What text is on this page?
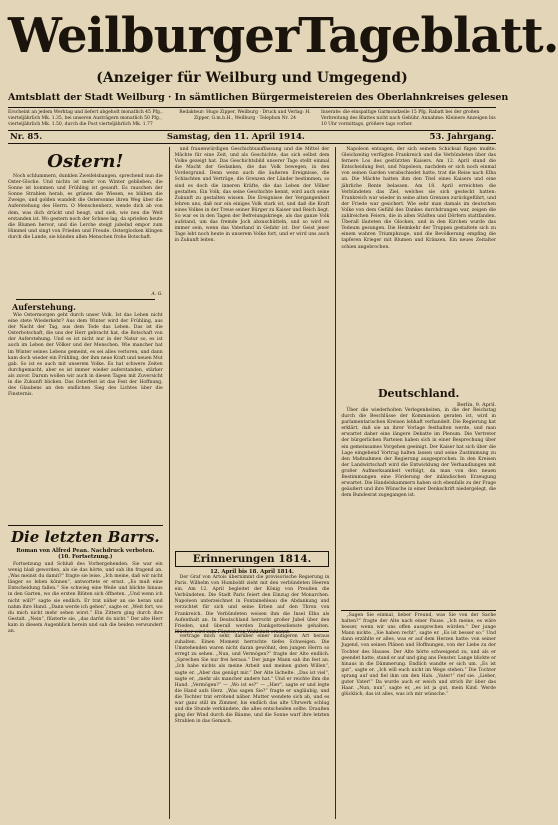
Weilburger Tageblatt.
(Anzeiger für Weilburg und Umgegend)
Amtsblatt der Stadt Weilburg · In sämtlichen Bürgermeistereien des Oberlahnkreises gelesen
Erscheint an jedem Werktag und liefert abgeholt monatlich 45 Pfg., vierteljährlich Mk. 1.35, bei unseren Austrägern monatlich 50 Pfg., vierteljährlich Mk. 1.50, durch die Post vierteljährlich Mk. 1.77
Redakteur: Hugo Zipper, Weilburg · Druck und Verlag: H. Zipper, G.m.b.H., Weilburg · Telephon Nr. 24
Inserate: die einspaltige Garmondzeile 15 Pfg. Rabatt bei der großen Verbreitung des Blattes nicht nach Gebühr. Annahme: Kleinere Anzeigen bis 10 Uhr vormittags, größere tags vorher.
Nr. 85.	Samstag, den 11. April 1914.	53. Jahrgang.
Ostern!

Noch schlummern, dunklen Zweifelsbangen, sprechend nun die Oster-Glocke. Und nichts ist mehr von Winter geblieben, die Sonne ist kommen und Frühling ist gesanft. Es rauschen der Sonne Strahlen herab, es grünen die Wiesen, es blühen die Zweige, und golden wandelt die Ostersonne ihren Weg über die Auferstehung des Herrn. O Menschenherz, wende dich ab von dem, was dich drückt und beugt, und sieh, wie neu die Welt erstanden ist. Wo gestern noch der Schnee lag, da sprießen heute die Blumen hervor, und die Lerche steigt jubelnd empor zum Himmel und singt von Frieden und Freude. Osterglocken klingen durch die Lande, sie künden allen Menschen frohe Botschaft.

A. G.
Auferstehung.

Wie Ostermorgen geht durch unser Volk. Ist das Leben nicht eine stete Wiederkehr? Aus dem Winter wird der Frühling, aus der Nacht der Tag, aus dem Tode das Leben. Das ist die Osterbotschaft, die uns der Herr gebracht hat, die Botschaft von der Auferstehung. Und es ist nicht nur in der Natur so, es ist auch im Leben der Völker und der Menschen. Wie mancher hat im Winter seines Lebens gemeint, es sei alles verloren, und dann kam doch wieder ein Frühling, der ihm neue Kraft und neuen Mut gab. So ist es auch mit unserem Volke. Es hat schwere Zeiten durchgemacht, aber es ist immer wieder auferstanden, stärker als zuvor. Darum wollen wir auch in diesen Tagen mit Zuversicht in die Zukunft blicken. Das Osterfest ist das Fest der Hoffnung, des Glaubens an den endlichen Sieg des Lichtes über die Finsternis.

Die letzten Barrs.
Roman von Alfred Pean. Nachdruck verboten.
(10. Fortsetzung.)

Fortsetzung und Schluß des Vorhergehenden. Sie war ein wenig blaß geworden, als sie das hörte, und sah ihn fragend an. „Was meinst du damit?“ fragte sie leise. „Ich meine, daß wir nicht länger so leben können“, antwortete er ernst. „Es muß eine Entscheidung fallen.“ Sie schwieg eine Weile und blickte hinaus in den Garten, wo die ersten Blüten sich öffneten. „Und wenn ich nicht will?“ sagte sie endlich. Er trat näher an sie heran und nahm ihre Hand. „Dann werde ich gehen“, sagte er. „Weit fort, wo du mich nicht mehr sehen wirst.“ Ein Zittern ging durch ihre Gestalt. „Nein“, flüsterte sie, „das darfst du nicht.“ Der alte Herr kam in diesem Augenblick herein und sah die beiden verwundert an.

und frauenwürdigen Geschichtsauffassung und die Mittel der Mächte für eine Zeit, und als Geschichte, das sich selbst dem Volke gezeigt hat. Das Geschichtsbild unserer Tage stellt einmal die Macht der Gedanken, die das Volk bewegen, in den Vordergrund. Denn wenn auch die äußeren Ereignisse, die Schlachten und Verträge, die Grenzen der Länder bestimmen, so sind es doch die inneren Kräfte, die das Leben der Völker gestalten. Ein Volk, das seine Geschichte kennt, wird auch seine Zukunft zu gestalten wissen. Die Ereignisse der Vergangenheit lehren uns, daß nur ein einiges Volk stark ist, und daß die Kraft eines Volkes in der Treue seiner Bürger zu Kaiser und Reich liegt. So war es in den Tagen der Befreiungskriege, als das ganze Volk aufstand, um das fremde Joch abzuschütteln, und so wird es immer sein, wenn das Vaterland in Gefahr ist. Der Geist jener Tage lebt noch heute in unserem Volke fort, und er wird uns auch in Zukunft leiten.

Erinnerungen 1814.
12. April bis 18. April 1814.

Der Graf von Artois übernimmt die provisorische Regierung in Paris. Wilhelm von Humboldt zieht mit den verbündeten Heeren ein. Am 12. April begleitet der König von Preußen die Verbündeten. Die Stadt Paris feiert den Einzug der Monarchen. Napoleon unterzeichnet in Fontainebleau die Abdankung und verzichtet für sich und seine Erben auf den Thron von Frankreich. Die Verbündeten weisen ihm die Insel Elba als Aufenthalt an. In Deutschland herrscht großer Jubel über den Frieden, und überall werden Dankgottesdienste gehalten. Blücher wird zum Fürsten von Wahlstatt ernannt.

vertrage mich sehr, darüber einer mutigeren Art heraus zuhalten. Einen Moment herrschte tiefes Schweigen. Die Umstehenden waren nicht daran gewöhnt, den jungen Herrn so erregt zu sehen. „Nun, und Vermögen?“ fragte der Alte endlich. „Sprechen Sie nur frei heraus.“ Der junge Mann sah ihn fest an. „Ich habe nichts als meine Arbeit und meinen guten Willen“, sagte er. „Aber das genügt mir.“ Der Alte lächelte. „Das ist viel“, sagte er, „mehr als mancher andere hat.“ Und er reichte ihm die Hand. „Vermögen?“ — „Wo ist es?“ — „Hier“, sagte er und legte die Hand aufs Herz. „Was sagen Sie?“ fragte er ungläubig, und die Tochter trat errötend näher. Mutter wendete sich ab, und es war ganz still im Zimmer, bis endlich das alte Uhrwerk schlug und die Stunde verkündete, die alles entscheiden sollte. Draußen ging der Wind durch die Bäume, und die Sonne warf ihre letzten Strahlen in das Gemach.

Napoleon entsagen, der sich seinem Schicksal fügen mußte. Gleichzeitig verfügten Frankreich und die Verbündeten über das fernere Los des gestürzten Kaisers. Am 12. April stand die Entscheidung fest, und Napoleon, nachdem er sich noch einmal von seinen Garden verabschiedet hatte, trat die Reise nach Elba an. Die Mächte hatten ihm den Titel eines Kaisers und eine jährliche Rente belassen. Am 18. April erreichten die Verbündeten das Ziel, welches sie sich gesteckt hatten: Frankreich war wieder in seine alten Grenzen zurückgeführt, und der Friede war gesichert. Wie sehr man damals im deutschen Volke von dem Gefühl des Dankes durchdrungen war, zeigen die zahlreichen Feiern, die in allen Städten und Dörfern stattfanden. Überall läuteten die Glocken, und in den Kirchen wurde das Tedeum gesungen. Die Heimkehr der Truppen gestaltete sich zu einem wahren Triumphzuge, und die Bevölkerung empfing die tapferen Krieger mit Blumen und Kränzen. Ein neues Zeitalter schien angebrochen.

Deutschland.
Berlin, 9. April.

Über die wiederholten Verlegenheiten, in die der Reichstag durch die Beschlüsse der Kommission geraten ist, wird in parlamentarischen Kreisen lebhaft verhandelt. Die Regierung hat erklärt, daß sie an ihrer Vorlage festhalten werde, und man erwartet daher eine längere Debatte im Plenum. Die Vertreter der bürgerlichen Parteien haben sich in einer Besprechung über ein gemeinsames Vorgehen geeinigt. Der Kaiser hat sich über die Lage eingehend Vortrag halten lassen und seine Zustimmung zu den Maßnahmen der Regierung ausgesprochen. In den Kreisen der Landwirtschaft wird die Entwicklung der Verhandlungen mit großer Aufmerksamkeit verfolgt, da man von den neuen Bestimmungen eine Förderung der inländischen Erzeugung erwartet. Die Handelskammern haben sich ebenfalls zu der Frage geäußert und ihre Wünsche in einer Denkschrift niedergelegt, die dem Bundesrat zugegangen ist.

„Sagen Sie einmal, lieber Freund, was Sie von der Sache halten?“ fragte der Alte nach einer Pause. „Ich meine, es wäre besser, wenn wir uns offen aussprechen würden.“ Der junge Mann nickte. „Sie haben recht“, sagte er. „Es ist besser so.“ Und dann erzählte er alles, was er auf dem Herzen hatte: von seiner Jugend, von seinen Plänen und Hoffnungen, von der Liebe zu der Tochter des Hauses. Der Alte hörte schweigend zu, und als er geendet hatte, stand er auf und ging ans Fenster. Lange blickte er hinaus in die Dämmerung. Endlich wandte er sich um. „Es ist gut“, sagte er. „Ich will euch nicht im Wege stehen.“ Die Tochter sprang auf und fiel ihm um den Hals. „Vater!“ rief sie. „Lieber, guter Vater!“ Da wurde auch er weich und strich ihr über das Haar. „Nun, nun“, sagte er, „es ist ja gut, mein Kind. Werde glücklich, das ist alles, was ich mir wünsche.“
